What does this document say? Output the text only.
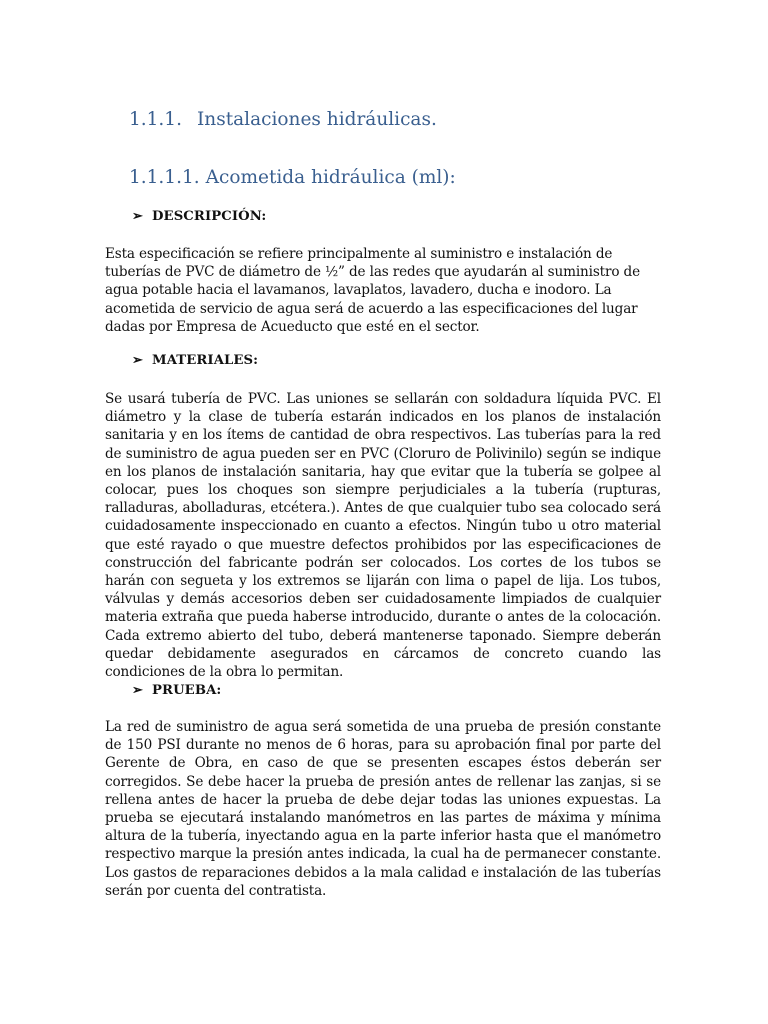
1.1.1. Instalaciones hidráulicas.
1.1.1.1. Acometida hidráulica (ml):
➢ DESCRIPCIÓN:

Esta especificación se refiere principalmente al suministro e instalación de tuberías de PVC de diámetro de ½” de las redes que ayudarán al suministro de agua potable hacia el lavamanos, lavaplatos, lavadero, ducha e inodoro. La acometida de servicio de agua será de acuerdo a las especificaciones del lugar dadas por Empresa de Acueducto que esté en el sector.

➢ MATERIALES:

Se usará tubería de PVC. Las uniones se sellarán con soldadura líquida PVC. El diámetro y la clase de tubería estarán indicados en los planos de instalación sanitaria y en los ítems de cantidad de obra respectivos. Las tuberías para la red de suministro de agua pueden ser en PVC (Cloruro de Polivinilo) según se indique en los planos de instalación sanitaria, hay que evitar que la tubería se golpee al colocar, pues los choques son siempre perjudiciales a la tubería (rupturas, ralladuras, abolladuras, etcétera.). Antes de que cualquier tubo sea colocado será cuidadosamente inspeccionado en cuanto a efectos. Ningún tubo u otro material que esté rayado o que muestre defectos prohibidos por las especificaciones de construcción del fabricante podrán ser colocados. Los cortes de los tubos se harán con segueta y los extremos se lijarán con lima o papel de lija. Los tubos, válvulas y demás accesorios deben ser cuidadosamente limpiados de cualquier materia extraña que pueda haberse introducido, durante o antes de la colocación. Cada extremo abierto del tubo, deberá mantenerse taponado. Siempre deberán quedar debidamente asegurados en cárcamos de concreto cuando las condiciones de la obra lo permitan.

➢ PRUEBA:

La red de suministro de agua será sometida de una prueba de presión constante de 150 PSI durante no menos de 6 horas, para su aprobación final por parte del Gerente de Obra, en caso de que se presenten escapes éstos deberán ser corregidos. Se debe hacer la prueba de presión antes de rellenar las zanjas, si se rellena antes de hacer la prueba de debe dejar todas las uniones expuestas. La prueba se ejecutará instalando manómetros en las partes de máxima y mínima altura de la tubería, inyectando agua en la parte inferior hasta que el manómetro respectivo marque la presión antes indicada, la cual ha de permanecer constante. Los gastos de reparaciones debidos a la mala calidad e instalación de las tuberías serán por cuenta del contratista.
